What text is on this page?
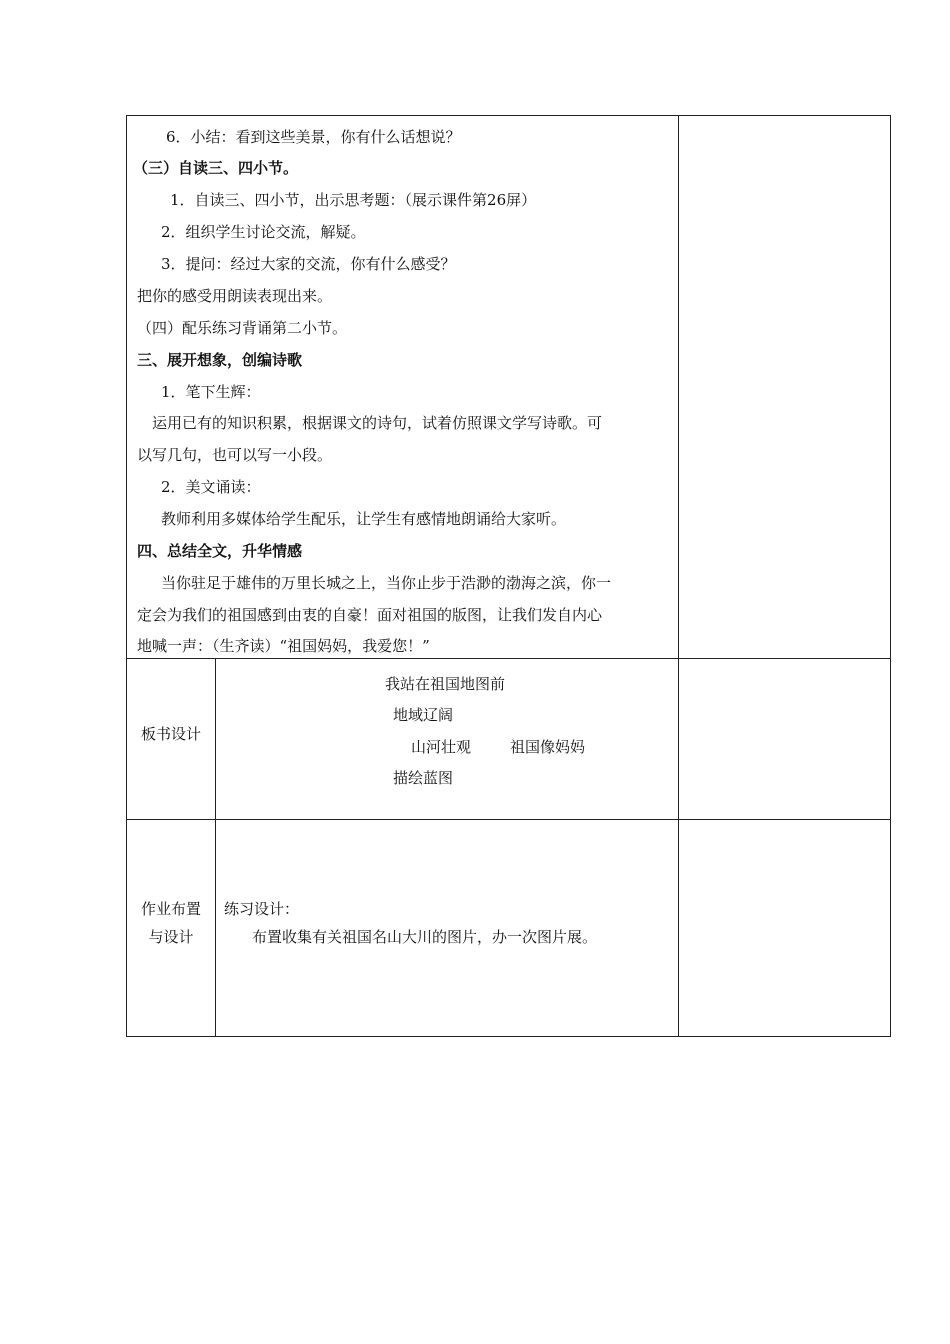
6．小结：看到这些美景，你有什么话想说？
（三）自读三、四小节。
1．自读三、四小节，出示思考题：（展示课件第26屏）
2．组织学生讨论交流，解疑。
3．提问：经过大家的交流，你有什么感受？
把你的感受用朗读表现出来。
（四）配乐练习背诵第二小节。
三、展开想象，创编诗歌
1．笔下生辉：
运用已有的知识积累，根据课文的诗句，试着仿照课文学写诗歌。可
以写几句，也可以写一小段。
2．美文诵读：
教师利用多媒体给学生配乐，让学生有感情地朗诵给大家听。
四、总结全文，升华情感
当你驻足于雄伟的万里长城之上，当你止步于浩渺的渤海之滨，你一
定会为我们的祖国感到由衷的自豪！面对祖国的版图，让我们发自内心
地喊一声：（生齐读）“祖国妈妈，我爱您！”
板书设计
我站在祖国地图前
地域辽阔
山河壮观	祖国像妈妈
描绘蓝图
作业布置
与设计
练习设计：
布置收集有关祖国名山大川的图片，办一次图片展。
